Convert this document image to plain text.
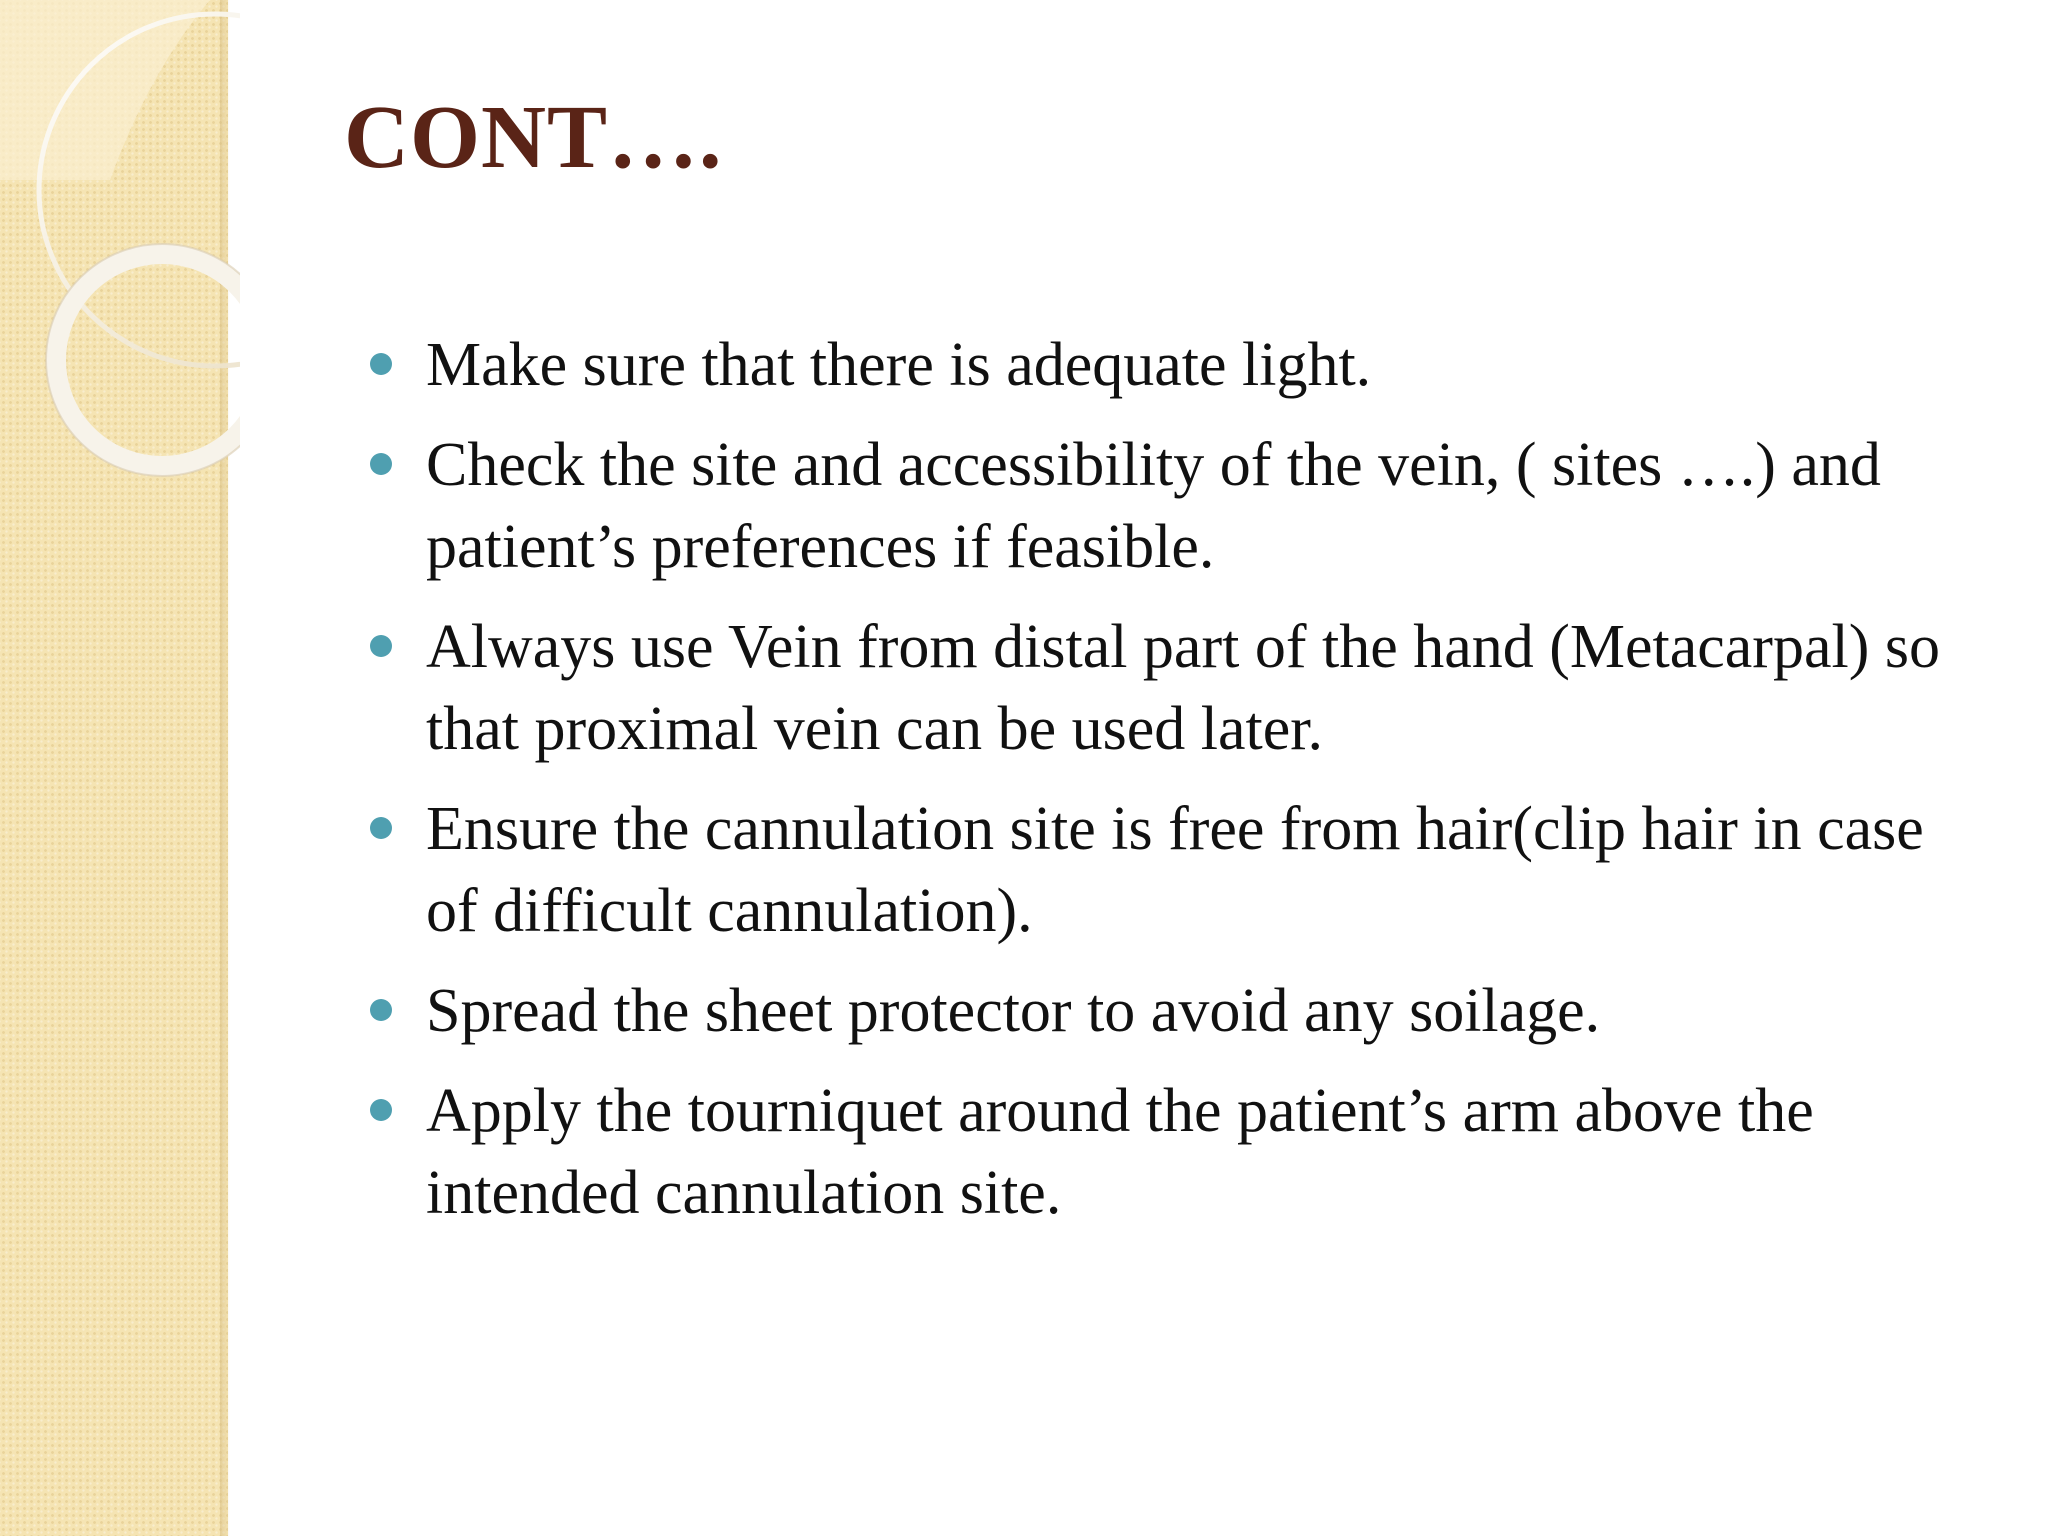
CONT….
Make sure that there is adequate light.
Check the site and accessibility of the vein, ( sites ….) and patient’s preferences if feasible.
Always use Vein from distal part of the hand (Metacarpal) so that proximal vein can be used later.
Ensure the cannulation site is free from hair(clip hair in case of difficult cannulation).
Spread the sheet protector to avoid any soilage.
Apply the tourniquet around the patient’s arm above the intended cannulation site.
